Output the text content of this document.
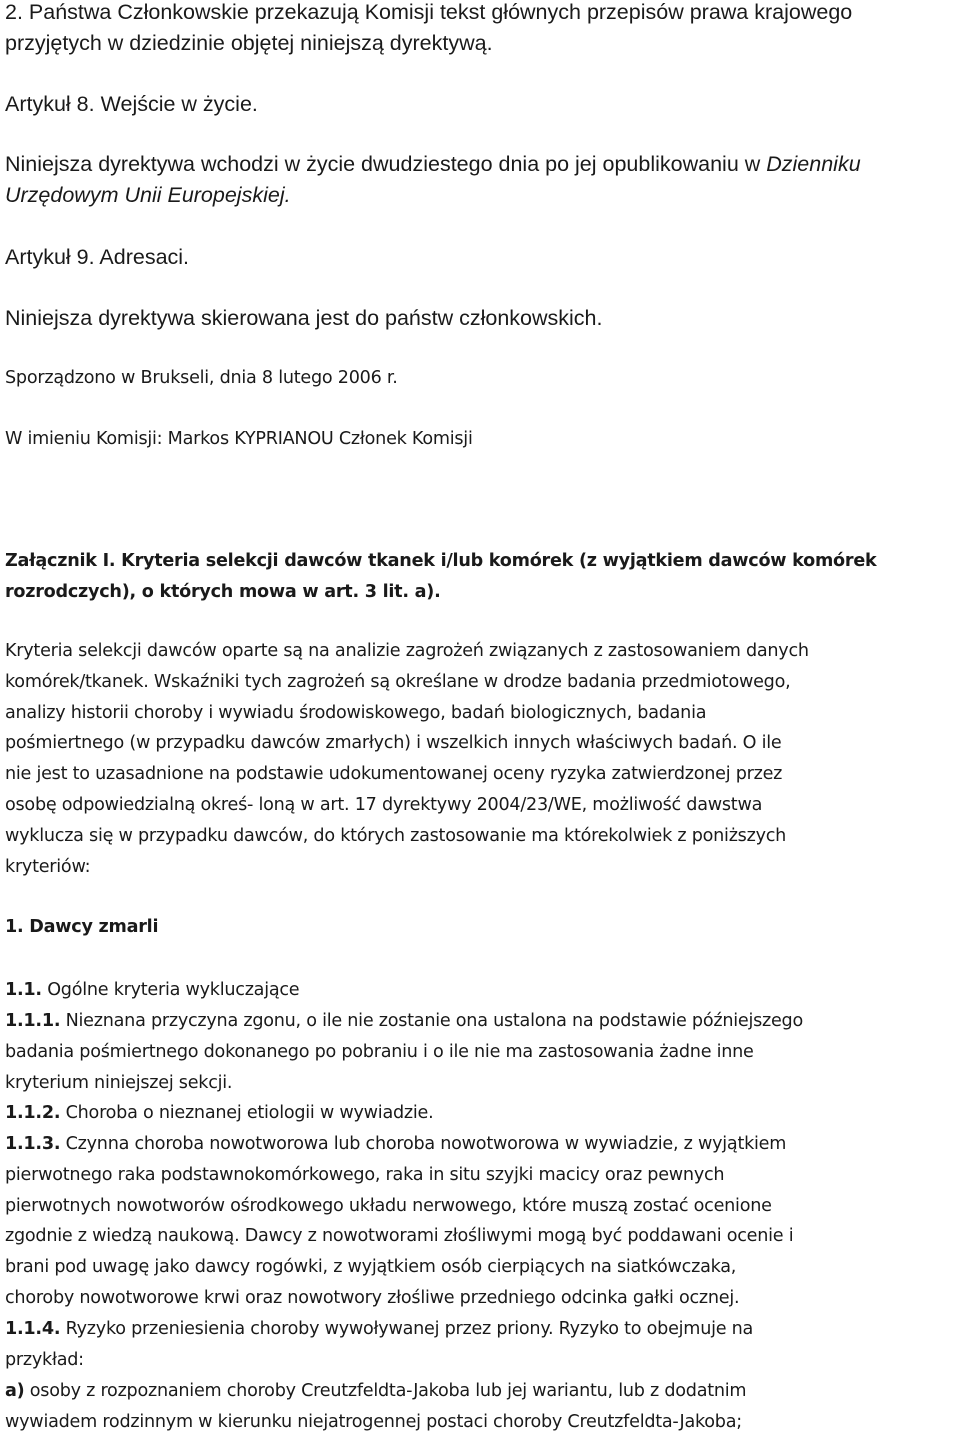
2. Państwa Członkowskie przekazują Komisji tekst głównych przepisów prawa krajowego
przyjętych w dziedzinie objętej niniejszą dyrektywą.

Artykuł 8. Wejście w życie.

Niniejsza dyrektywa wchodzi w życie dwudziestego dnia po jej opublikowaniu w Dzienniku
Urzędowym Unii Europejskiej.

Artykuł 9. Adresaci.

Niniejsza dyrektywa skierowana jest do państw członkowskich.

Sporządzono w Brukseli, dnia 8 lutego 2006 r.

W imieniu Komisji: Markos KYPRIANOU Członek Komisji

Załącznik I. Kryteria selekcji dawców tkanek i/lub komórek (z wyjątkiem dawców komórek
rozrodczych), o których mowa w art. 3 lit. a).

Kryteria selekcji dawców oparte są na analizie zagrożeń związanych z zastosowaniem danych
komórek/tkanek. Wskaźniki tych zagrożeń są określane w drodze badania przedmiotowego,
analizy historii choroby i wywiadu środowiskowego, badań biologicznych, badania
pośmiertnego (w przypadku dawców zmarłych) i wszelkich innych właściwych badań. O ile
nie jest to uzasadnione na podstawie udokumentowanej oceny ryzyka zatwierdzonej przez
osobę odpowiedzialną okreś- loną w art. 17 dyrektywy 2004/23/WE, możliwość dawstwa
wyklucza się w przypadku dawców, do których zastosowanie ma którekolwiek z poniższych
kryteriów:

1. Dawcy zmarli

1.1. Ogólne kryteria wykluczające

1.1.1. Nieznana przyczyna zgonu, o ile nie zostanie ona ustalona na podstawie późniejszego
badania pośmiertnego dokonanego po pobraniu i o ile nie ma zastosowania żadne inne
kryterium niniejszej sekcji.

1.1.2. Choroba o nieznanej etiologii w wywiadzie.

1.1.3. Czynna choroba nowotworowa lub choroba nowotworowa w wywiadzie, z wyjątkiem
pierwotnego raka podstawnokomórkowego, raka in situ szyjki macicy oraz pewnych
pierwotnych nowotworów ośrodkowego układu nerwowego, które muszą zostać ocenione
zgodnie z wiedzą naukową. Dawcy z nowotworami złośliwymi mogą być poddawani ocenie i
brani pod uwagę jako dawcy rogówki, z wyjątkiem osób cierpiących na siatkówczaka,
choroby nowotworowe krwi oraz nowotwory złośliwe przedniego odcinka gałki ocznej.

1.1.4. Ryzyko przeniesienia choroby wywoływanej przez priony. Ryzyko to obejmuje na
przykład:

a) osoby z rozpoznaniem choroby Creutzfeldta-Jakoba lub jej wariantu, lub z dodatnim
wywiadem rodzinnym w kierunku niejatrogennej postaci choroby Creutzfeldta-Jakoba;
